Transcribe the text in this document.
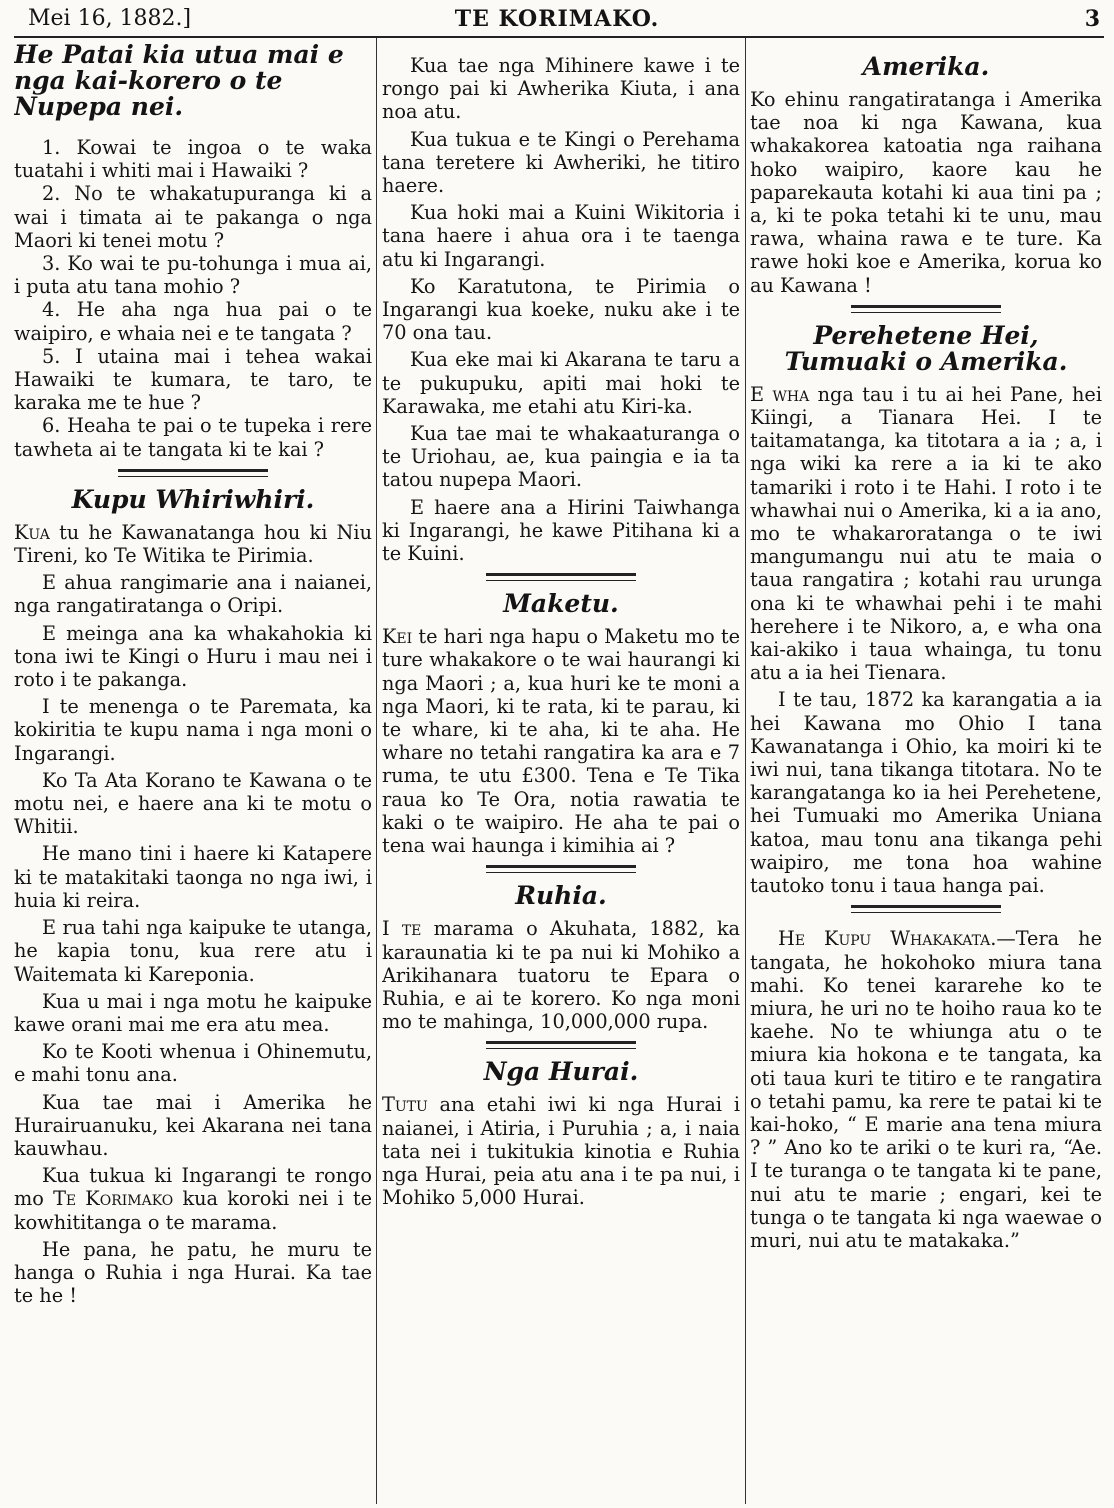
TE KORIMAKO.
Mei 16, 1882.]	3
He Patai kia utua mai e nga kai-korero o te Nupepa nei.

1. Kowai te ingoa o te waka tuatahi i whiti mai i Hawaiki ?

2. No te whakatupuranga ki a wai i timata ai te pakanga o nga Maori ki tenei motu ?

3. Ko wai te pu-tohunga i mua ai, i puta atu tana mohio ?

4. He aha nga hua pai o te waipiro, e whaia nei e te tangata ?

5. I utaina mai i tehea wakai Hawaiki te kumara, te taro, te karaka me te hue ?

6. Heaha te pai o te tupeka i rere tawheta ai te tangata ki te kai ?

Kupu Whiriwhiri.

Kua tu he Kawanatanga hou ki Niu Tireni, ko Te Witika te Pirimia.

E ahua rangimarie ana i naianei, nga rangatiratanga o Oripi.

E meinga ana ka whakahokia ki tona iwi te Kingi o Huru i mau nei i roto i te pakanga.

I te menenga o te Paremata, ka kokiritia te kupu nama i nga moni o Ingarangi.

Ko Ta Ata Korano te Kawana o te motu nei, e haere ana ki te motu o Whitii.

He mano tini i haere ki Katapere ki te matakitaki taonga no nga iwi, i huia ki reira.

E rua tahi nga kaipuke te utanga, he kapia tonu, kua rere atu i Waitemata ki Kareponia.

Kua u mai i nga motu he kaipuke kawe orani mai me era atu mea.

Ko te Kooti whenua i Ohinemutu, e mahi tonu ana.

Kua tae mai i Amerika he Hurairuanuku, kei Akarana nei tana kauwhau.

Kua tukua ki Ingarangi te rongo mo Te Korimako kua koroki nei i te kowhititanga o te marama.

He pana, he patu, he muru te hanga o Ruhia i nga Hurai. Ka tae te he !

Kua tae nga Mihinere kawe i te rongo pai ki Awherika Kiuta, i ana noa atu.

Kua tukua e te Kingi o Perehama tana teretere ki Awheriki, he titiro haere.

Kua hoki mai a Kuini Wikitoria i tana haere i ahua ora i te taenga atu ki Ingarangi.

Ko Karatutona, te Pirimia o Ingarangi kua koeke, nuku ake i te 70 ona tau.

Kua eke mai ki Akarana te taru a te pukupuku, apiti mai hoki te Karawaka, me etahi atu Kiri-ka.

Kua tae mai te whakaaturanga o te Uriohau, ae, kua paingia e ia ta tatou nupepa Maori.

E haere ana a Hirini Taiwhanga ki Ingarangi, he kawe Pitihana ki a te Kuini.

Maketu.

Kei te hari nga hapu o Maketu mo te ture whakakore o te wai haurangi ki nga Maori ; a, kua huri ke te moni a nga Maori, ki te rata, ki te parau, ki te whare, ki te aha, ki te aha. He whare no tetahi rangatira ka ara e 7 ruma, te utu £300. Tena e Te Tika raua ko Te Ora, notia rawatia te kaki o te waipiro. He aha te pai o tena wai haunga i kimihia ai ?

Ruhia.

I te marama o Akuhata, 1882, ka karaunatia ki te pa nui ki Mohiko a Arikihanara tuatoru te Epara o Ruhia, e ai te korero. Ko nga moni mo te mahinga, 10,000,000 rupa.

Nga Hurai.

Tutu ana etahi iwi ki nga Hurai i naianei, i Atiria, i Puruhia ; a, i naia tata nei i tukitukia kinotia e Ruhia nga Hurai, peia atu ana i te pa nui, i Mohiko 5,000 Hurai.

Amerika.

Ko ehinu rangatiratanga i Amerika tae noa ki nga Kawana, kua whakakorea katoatia nga raihana hoko waipiro, kaore kau he paparekauta kotahi ki aua tini pa ; a, ki te poka tetahi ki te unu, mau rawa, whaina rawa e te ture. Ka rawe hoki koe e Amerika, korua ko au Kawana !

Perehetene Hei, Tumuaki o Amerika.

E wha nga tau i tu ai hei Pane, hei Kiingi, a Tianara Hei. I te taitamatanga, ka titotara a ia ; a, i nga wiki ka rere a ia ki te ako tamariki i roto i te Hahi. I roto i te whawhai nui o Amerika, ki a ia ano, mo te whakaroratanga o te iwi mangumangu nui atu te maia o taua rangatira ; kotahi rau urunga ona ki te whawhai pehi i te mahi herehere i te Nikoro, a, e wha ona kai-akiko i taua whainga, tu tonu atu a ia hei Tienara.

I te tau, 1872 ka karangatia a ia hei Kawana mo Ohio I tana Kawanatanga i Ohio, ka moiri ki te iwi nui, tana tikanga titotara. No te karangatanga ko ia hei Perehetene, hei Tumuaki mo Amerika Uniana katoa, mau tonu ana tikanga pehi waipiro, me tona hoa wahine tautoko tonu i taua hanga pai.

He Kupu Whakakata.—Tera he tangata, he hokohoko miura tana mahi. Ko tenei kararehe ko te miura, he uri no te hoiho raua ko te kaehe. No te whiunga atu o te miura kia hokona e te tangata, ka oti taua kuri te titiro e te rangatira o tetahi pamu, ka rere te patai ki te kai-hoko, “ E marie ana tena miura ? ” Ano ko te ariki o te kuri ra, “Ae. I te turanga o te tangata ki te pane, nui atu te marie ; engari, kei te tunga o te tangata ki nga waewae o muri, nui atu te matakaka.”
